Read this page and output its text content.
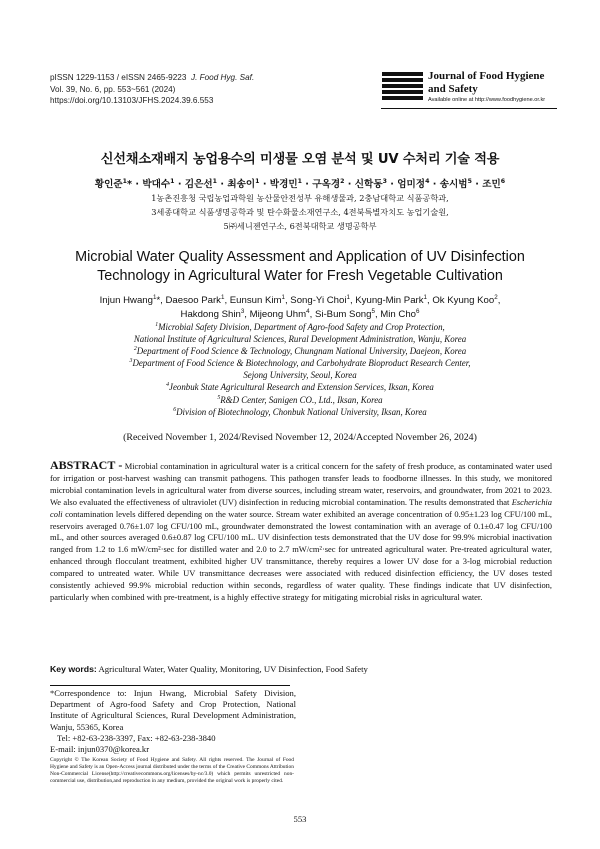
pISSN 1229-1153 / eISSN 2465-9223 J. Food Hyg. Saf.
Vol. 39, No. 6, pp. 553~561 (2024)
https://doi.org/10.13103/JFHS.2024.39.6.553
Journal of Food Hygiene
and Safety
Available online at http://www.foodhygiene.or.kr
신선채소재배지 농업용수의 미생물 오염 분석 및 UV 수처리 기술 적용
황인준$^1$* · 박대수$^1$ · 김은선$^1$ · 최송이$^1$ · 박경민$^1$ · 구옥경$^2$ · 신학동$^3$ · 엄미정$^4$ · 송시범$^5$ · 조민$^6$
1농촌진흥청 국립농업과학원 농산물안전성부 유해생물과, 2충남대학교 식품공학과,
3세종대학교 식품생명공학과 및 탄수화물소재연구소, 4전북특별자치도 농업기술원,
5㈜세니젠연구소, 6전북대학교 생명공학부
Microbial Water Quality Assessment and Application of UV Disinfection
Technology in Agricultural Water for Fresh Vegetable Cultivation
Injun Hwang$^1$*, Daesoo Park$^1$, Eunsun Kim$^1$, Song-Yi Choi$^1$, Kyung-Min Park$^1$, Ok Kyung Koo$^2$,
Hakdong Shin$^3$, Mijeong Uhm$^4$, Si-Bum Song$^5$, Min Cho$^6$
$^1$Microbial Safety Division, Department of Agro-food Safety and Crop Protection,
National Institute of Agricultural Sciences, Rural Development Administration, Wanju, Korea
$^2$Department of Food Science & Technology, Chungnam National University, Daejeon, Korea
$^3$Department of Food Science & Biotechnology, and Carbohydrate Bioproduct Research Center,
Sejong University, Seoul, Korea
$^4$Jeonbuk State Agricultural Research and Extension Services, Iksan, Korea
$^5$R&D Center, Sanigen CO., Ltd., Iksan, Korea
$^6$Division of Biotechnology, Chonbuk National University, Iksan, Korea
(Received November 1, 2024/Revised November 12, 2024/Accepted November 26, 2024)
ABSTRACT - Microbial contamination in agricultural water is a critical concern for the safety of fresh produce, as contaminated water used for irrigation or post-harvest washing can transmit pathogens. This pathogen transfer leads to foodborne illnesses. In this study, we monitored microbial contamination levels in agricultural water from diverse sources, including stream water, reservoirs, and groundwater, from 2021 to 2023. We also evaluated the effectiveness of ultraviolet (UV) disinfection in reducing microbial contamination. The results demonstrated that Escherichia coli contamination levels differed depending on the water source. Stream water exhibited an average concentration of 0.95±1.23 log CFU/100 mL, reservoirs averaged 0.76±1.07 log CFU/100 mL, groundwater demonstrated the lowest contamination with an average of 0.1±0.47 log CFU/100 mL, and other sources averaged 0.6±0.87 log CFU/100 mL. UV disinfection tests demonstrated that the UV dose for 99.9% microbial inactivation ranged from 1.2 to 1.6 mW/cm²·sec for distilled water and 2.0 to 2.7 mW/cm²·sec for untreated agricultural water. Pre-treated agricultural water, enhanced through flocculant treatment, exhibited higher UV transmittance, thereby requires a lower UV dose for a 3-log microbial reduction compared to untreated water. While UV transmittance decreases were associated with reduced disinfection efficiency, the UV doses tested consistently achieved 99.9% microbial reduction within seconds, regardless of water quality. These findings indicate that UV disinfection, particularly when combined with pre-treatment, is a highly effective strategy for mitigating microbial risks in agricultural water.
Key words: Agricultural Water, Water Quality, Monitoring, UV Disinfection, Food Safety
*Correspondence to: Injun Hwang, Microbial Safety Division, Department of Agro-food Safety and Crop Protection, National Institute of Agricultural Sciences, Rural Development Administration, Wanju, 55365, Korea
Tel: +82-63-238-3397, Fax: +82-63-238-3840
E-mail: injun0370@korea.kr
Copyright © The Korean Society of Food Hygiene and Safety. All rights reserved. The Journal of Food Hygiene and Safety is an Open-Access journal distributed under the terms of the Creative Commons Attribution Non-Commercial License(http://creativecommons.org/licenses/by-nc/3.0) which permits unrestricted non-commercial use, distribution,and reproduction in any medium, provided the original work is properly cited.
553
